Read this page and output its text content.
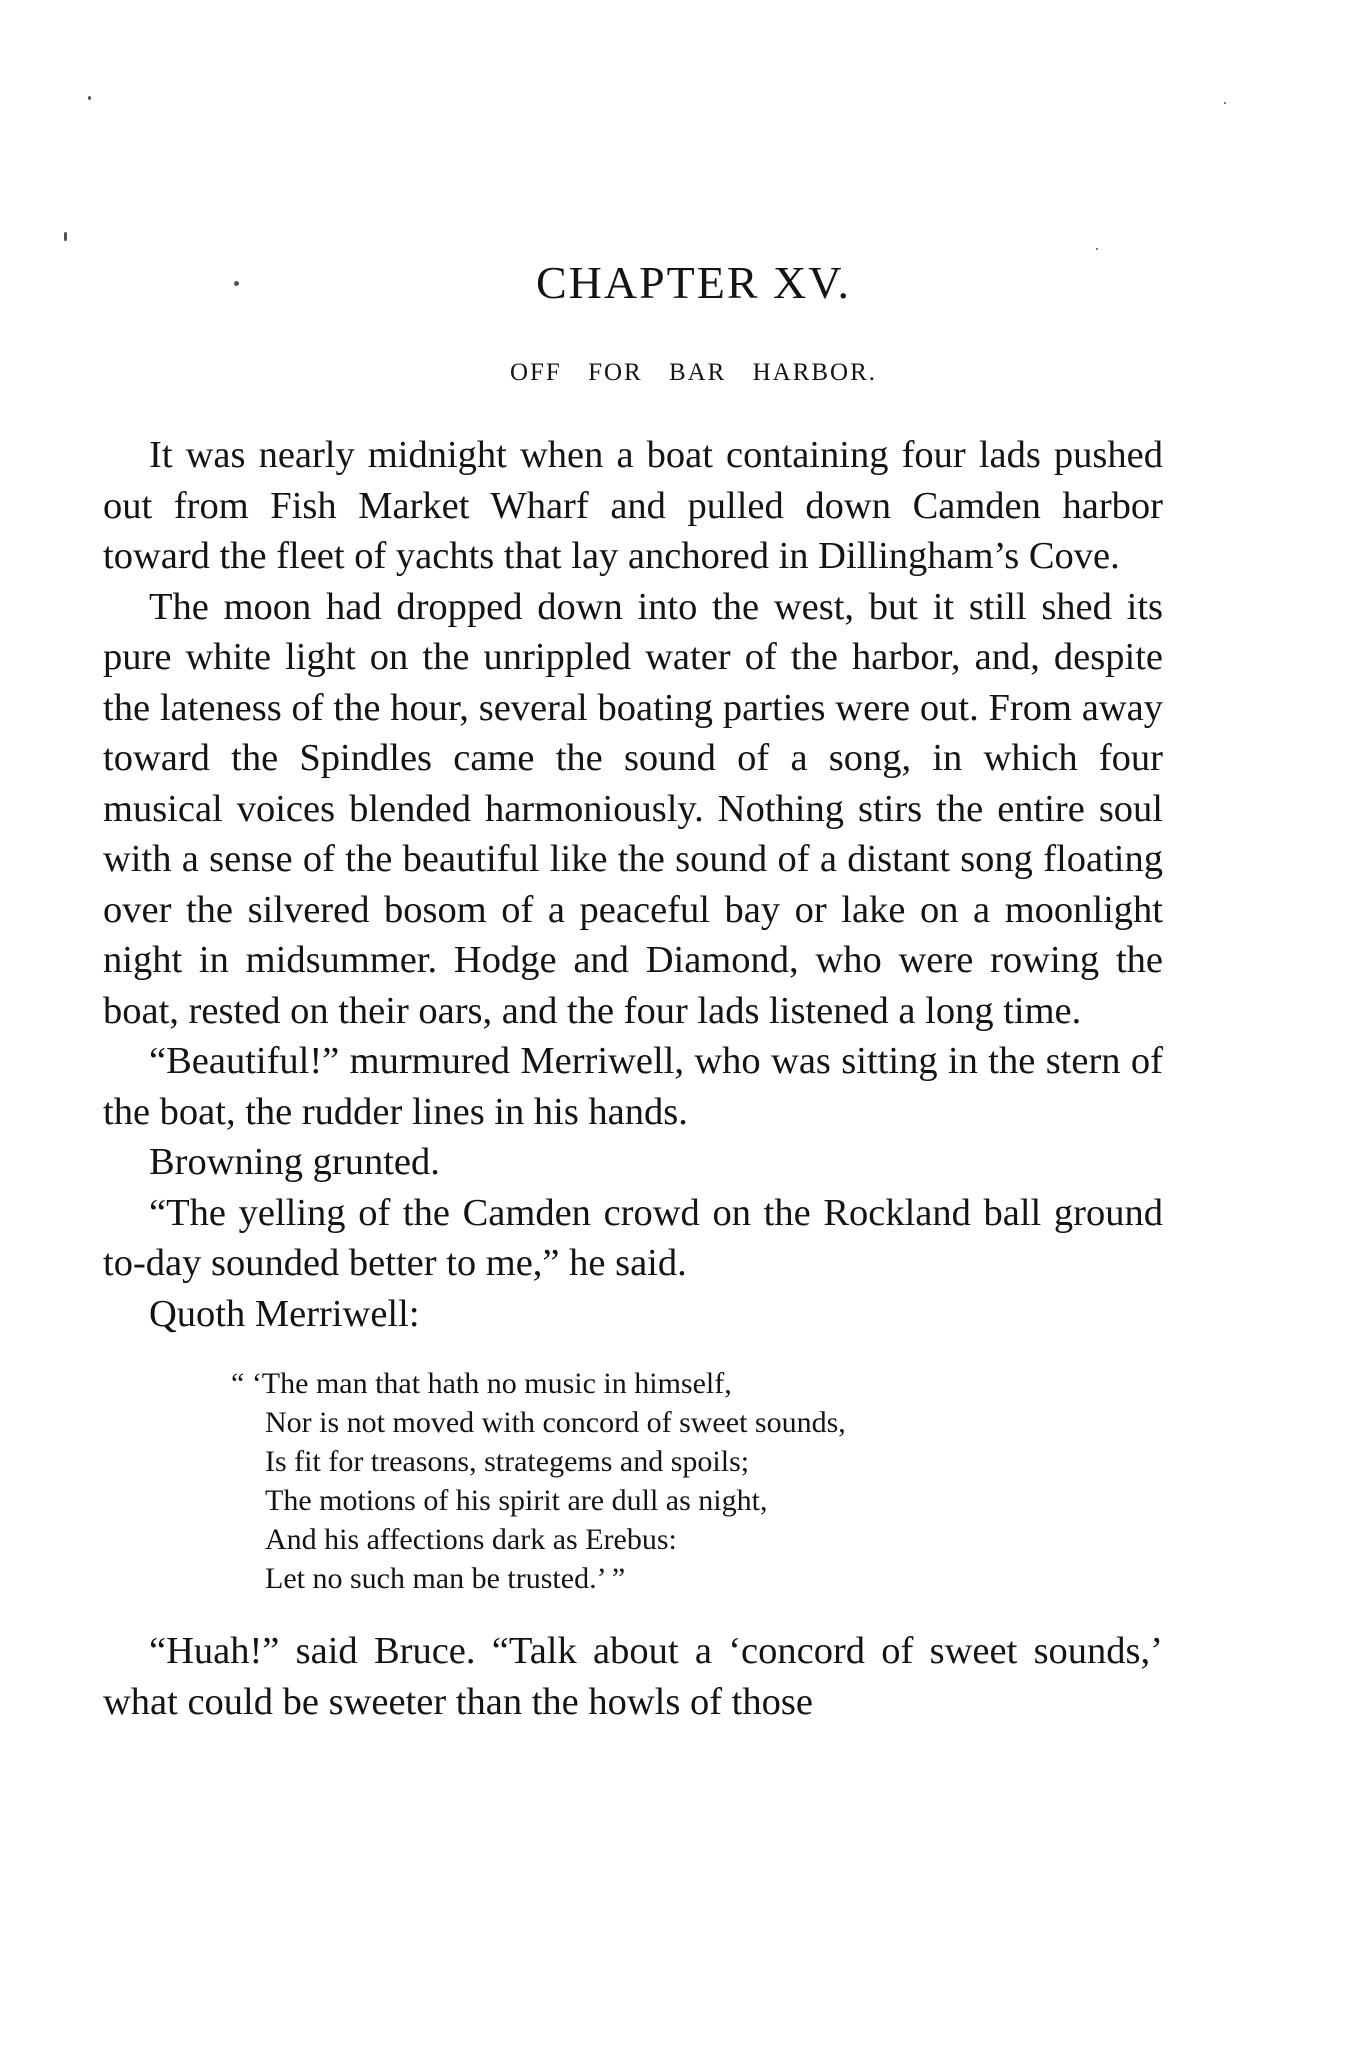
CHAPTER XV.
OFF FOR BAR HARBOR.

It was nearly midnight when a boat containing four lads pushed out from Fish Market Wharf and pulled down Camden harbor toward the fleet of yachts that lay anchored in Dillingham’s Cove.

The moon had dropped down into the west, but it still shed its pure white light on the unrippled water of the harbor, and, despite the lateness of the hour, several boating parties were out. From away toward the Spindles came the sound of a song, in which four musical voices blended harmoniously. Nothing stirs the entire soul with a sense of the beautiful like the sound of a distant song floating over the silvered bosom of a peaceful bay or lake on a moonlight night in midsummer. Hodge and Diamond, who were rowing the boat, rested on their oars, and the four lads listened a long time.

“Beautiful!” murmured Merriwell, who was sitting in the stern of the boat, the rudder lines in his hands.

Browning grunted.

“The yelling of the Camden crowd on the Rockland ball ground to-day sounded better to me,” he said.

Quoth Merriwell:

“ ‘The man that hath no music in himself,
Nor is not moved with concord of sweet sounds,
Is fit for treasons, strategems and spoils;
The motions of his spirit are dull as night,
And his affections dark as Erebus:
Let no such man be trusted.’ ”

“Huah!” said Bruce. “Talk about a ‘concord of sweet sounds,’ what could be sweeter than the howls of those
